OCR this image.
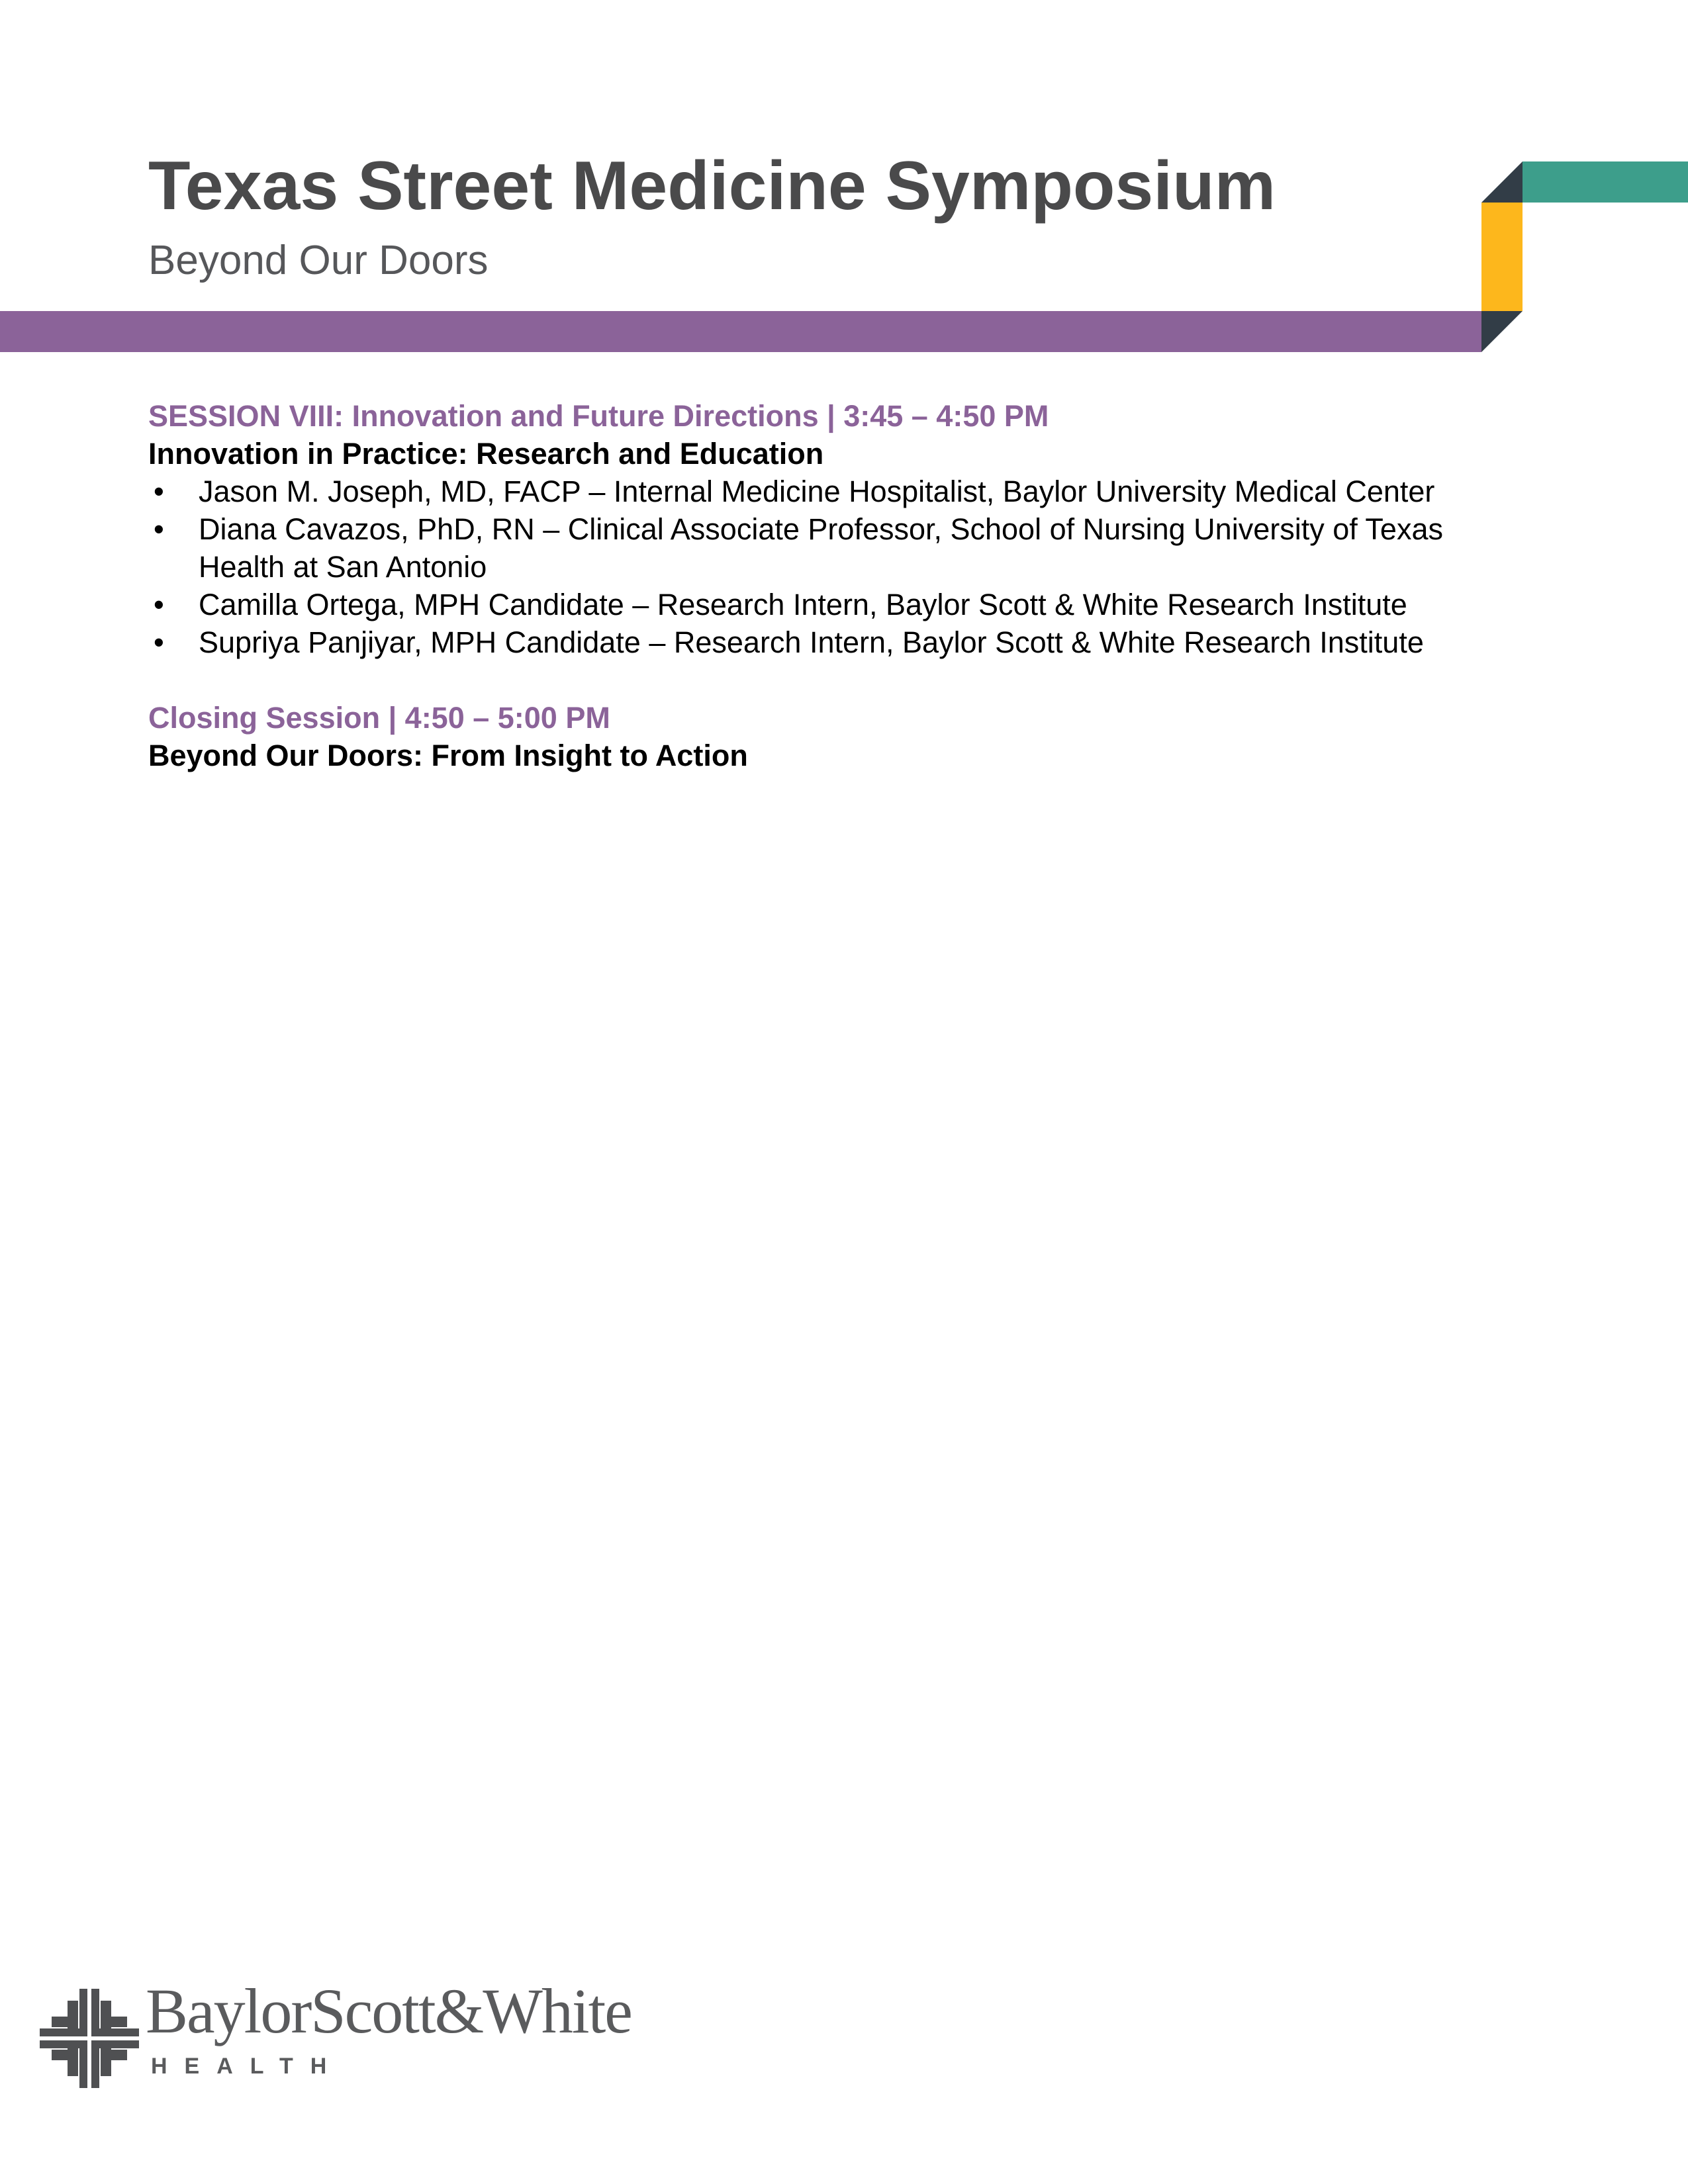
Texas Street Medicine Symposium
Beyond Our Doors

SESSION VIII: Innovation and Future Directions | 3:45 – 4:50 PM

Innovation in Practice: Research and Education

• Jason M. Joseph, MD, FACP – Internal Medicine Hospitalist, Baylor University Medical Center
• Diana Cavazos, PhD, RN – Clinical Associate Professor, School of Nursing University of Texas Health at San Antonio
• Camilla Ortega, MPH Candidate – Research Intern, Baylor Scott & White Research Institute
• Supriya Panjiyar, MPH Candidate – Research Intern, Baylor Scott & White Research Institute

Closing Session | 4:50 – 5:00 PM

Beyond Our Doors: From Insight to Action

BaylorScott&White
HEALTH
